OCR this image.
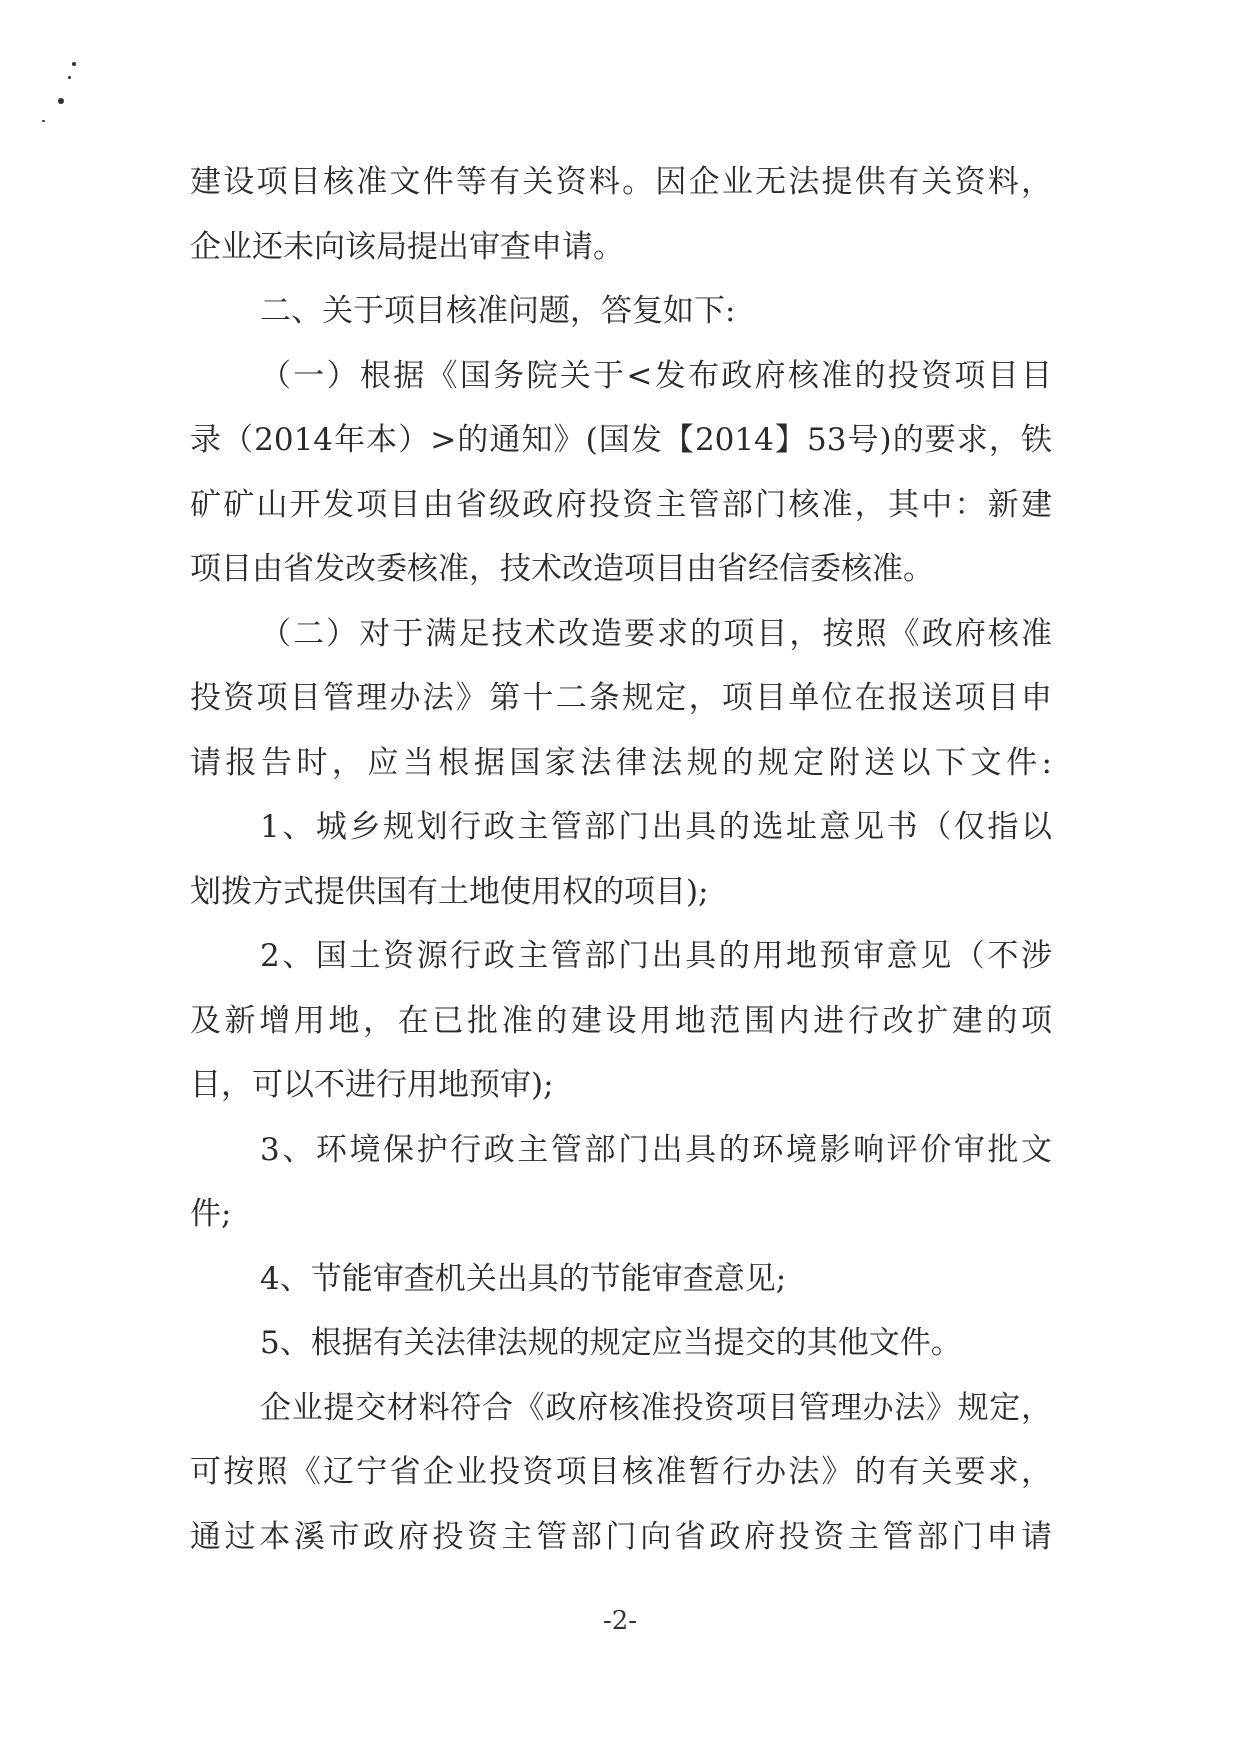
建设项目核准文件等有关资料。因企业无法提供有关资料，
企业还未向该局提出审查申请。
二、关于项目核准问题，答复如下:
（一）根据《国务院关于<发布政府核准的投资项目目
录（2014年本）>的通知》(国发【2014】53号)的要求，铁
矿矿山开发项目由省级政府投资主管部门核准，其中：新建
项目由省发改委核准，技术改造项目由省经信委核准。
（二）对于满足技术改造要求的项目，按照《政府核准
投资项目管理办法》第十二条规定，项目单位在报送项目申
请报告时，应当根据国家法律法规的规定附送以下文件:
1、城乡规划行政主管部门出具的选址意见书（仅指以
划拨方式提供国有土地使用权的项目);
2、国土资源行政主管部门出具的用地预审意见（不涉
及新增用地，在已批准的建设用地范围内进行改扩建的项
目，可以不进行用地预审);
3、环境保护行政主管部门出具的环境影响评价审批文
件;
4、节能审查机关出具的节能审查意见;
5、根据有关法律法规的规定应当提交的其他文件。
企业提交材料符合《政府核准投资项目管理办法》规定，
可按照《辽宁省企业投资项目核准暂行办法》的有关要求，
通过本溪市政府投资主管部门向省政府投资主管部门申请
-2-
